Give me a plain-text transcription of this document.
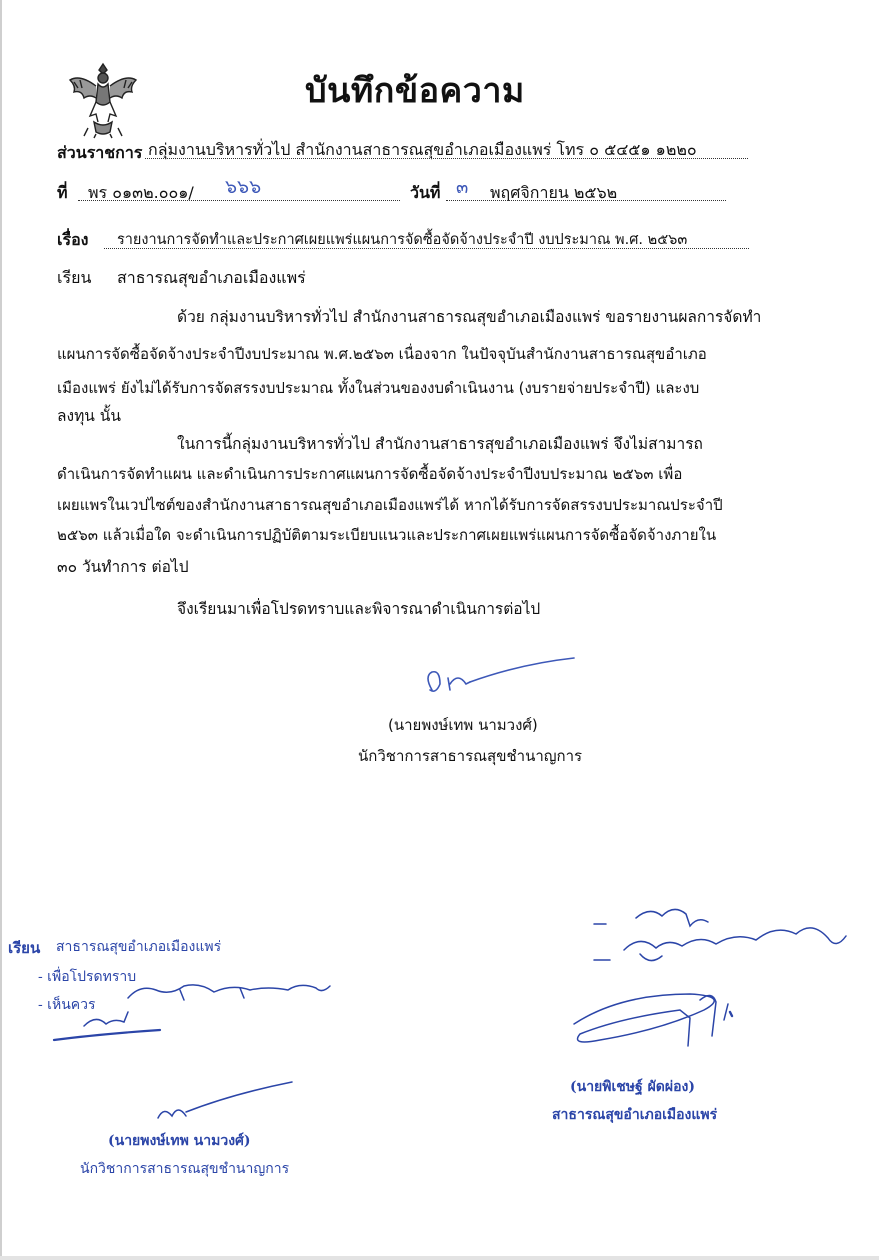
บันทึกข้อความ
ส่วนราชการ กลุ่มงานบริหารทั่วไป สำนักงานสาธารณสุขอำเภอเมืองแพร่ โทร ๐ ๕๔๕๑ ๑๒๒๐
ที่ พร ๐๑๓๒.๐๐๑/ ๖๖๖	วันที่ ๓ พฤศจิกายน ๒๕๖๒
เรื่อง รายงานการจัดทำและประกาศเผยแพร่แผนการจัดซื้อจัดจ้างประจำปี งบประมาณ พ.ศ. ๒๕๖๓
เรียน สาธารณสุขอำเภอเมืองแพร่
ด้วย กลุ่มงานบริหารทั่วไป สำนักงานสาธารณสุขอำเภอเมืองแพร่ ขอรายงานผลการจัดทำ
แผนการจัดซื้อจัดจ้างประจำปีงบประมาณ พ.ศ.๒๕๖๓ เนื่องจาก ในปัจจุบันสำนักงานสาธารณสุขอำเภอ
เมืองแพร่ ยังไม่ได้รับการจัดสรรงบประมาณ ทั้งในส่วนของงบดำเนินงาน (งบรายจ่ายประจำปี) และงบ
ลงทุน นั้น
ในการนี้กลุ่มงานบริหารทั่วไป สำนักงานสาธารสุขอำเภอเมืองแพร่ จึงไม่สามารถ
ดำเนินการจัดทำแผน และดำเนินการประกาศแผนการจัดซื้อจัดจ้างประจำปีงบประมาณ ๒๕๖๓ เพื่อ
เผยแพรในเวปไซต์ของสำนักงานสาธารณสุขอำเภอเมืองแพร่ได้ หากได้รับการจัดสรรงบประมาณประจำปี
๒๕๖๓ แล้วเมื่อใด จะดำเนินการปฏิบัติตามระเบียบแนวและประกาศเผยแพร่แผนการจัดซื้อจัดจ้างภายใน
๓๐ วันทำการ ต่อไป
จึงเรียนมาเพื่อโปรดทราบและพิจารณาดำเนินการต่อไป
(นายพงษ์เทพ นามวงศ์)
นักวิชาการสาธารณสุขชำนาญการ
เรียน สาธารณสุขอำเภอเมืองแพร่
- เพื่อโปรดทราบ
- เห็นควร
(นายพงษ์เทพ นามวงศ์)
นักวิชาการสาธารณสุขชำนาญการ
(นายพิเชษฐ์ ผัดผ่อง)
สาธารณสุขอำเภอเมืองแพร่
